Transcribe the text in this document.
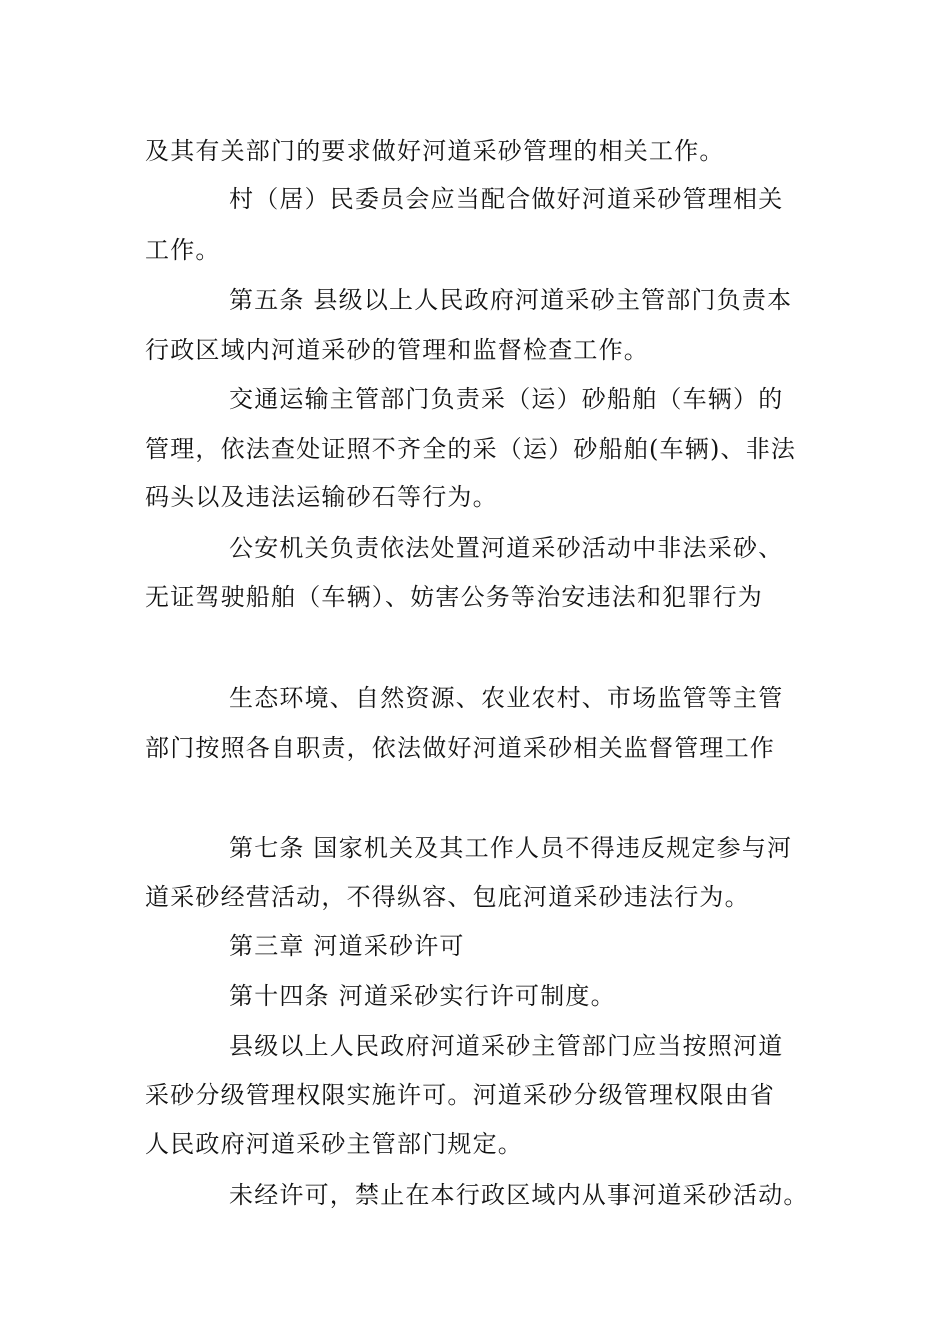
及其有关部门的要求做好河道采砂管理的相关工作。
村（居）民委员会应当配合做好河道采砂管理相关
工作。
第五条 县级以上人民政府河道采砂主管部门负责本
行政区域内河道采砂的管理和监督检查工作。
交通运输主管部门负责采（运）砂船舶（车辆）的
管理，依法查处证照不齐全的采（运）砂船舶(车辆)、非法
码头以及违法运输砂石等行为。
公安机关负责依法处置河道采砂活动中非法采砂、
无证驾驶船舶（车辆）、妨害公务等治安违法和犯罪行为
生态环境、自然资源、农业农村、市场监管等主管
部门按照各自职责，依法做好河道采砂相关监督管理工作
第七条 国家机关及其工作人员不得违反规定参与河
道采砂经营活动，不得纵容、包庇河道采砂违法行为。
第三章 河道采砂许可
第十四条 河道采砂实行许可制度。
县级以上人民政府河道采砂主管部门应当按照河道
采砂分级管理权限实施许可。河道采砂分级管理权限由省
人民政府河道采砂主管部门规定。
未经许可，禁止在本行政区域内从事河道采砂活动。
